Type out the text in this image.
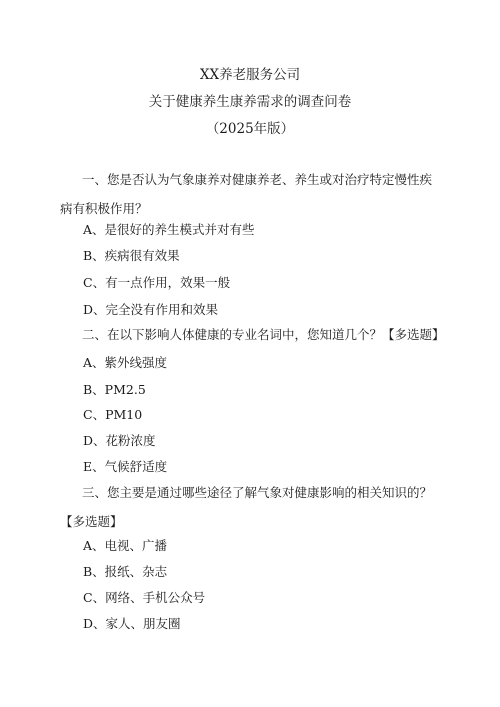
XX养老服务公司
关于健康养生康养需求的调查问卷
（2025年版）

一、您是否认为气象康养对健康养老、养生或对治疗特定慢性疾病有积极作用？

A、是很好的养生模式并对有些

B、疾病很有效果

C、有一点作用，效果一般

D、完全没有作用和效果

二、在以下影响人体健康的专业名词中，您知道几个？【多选题】

A、紫外线强度

B、PM2.5

C、PM10

D、花粉浓度

E、气候舒适度

三、您主要是通过哪些途径了解气象对健康影响的相关知识的？【多选题】

A、电视、广播

B、报纸、杂志

C、网络、手机公众号

D、家人、朋友圈
